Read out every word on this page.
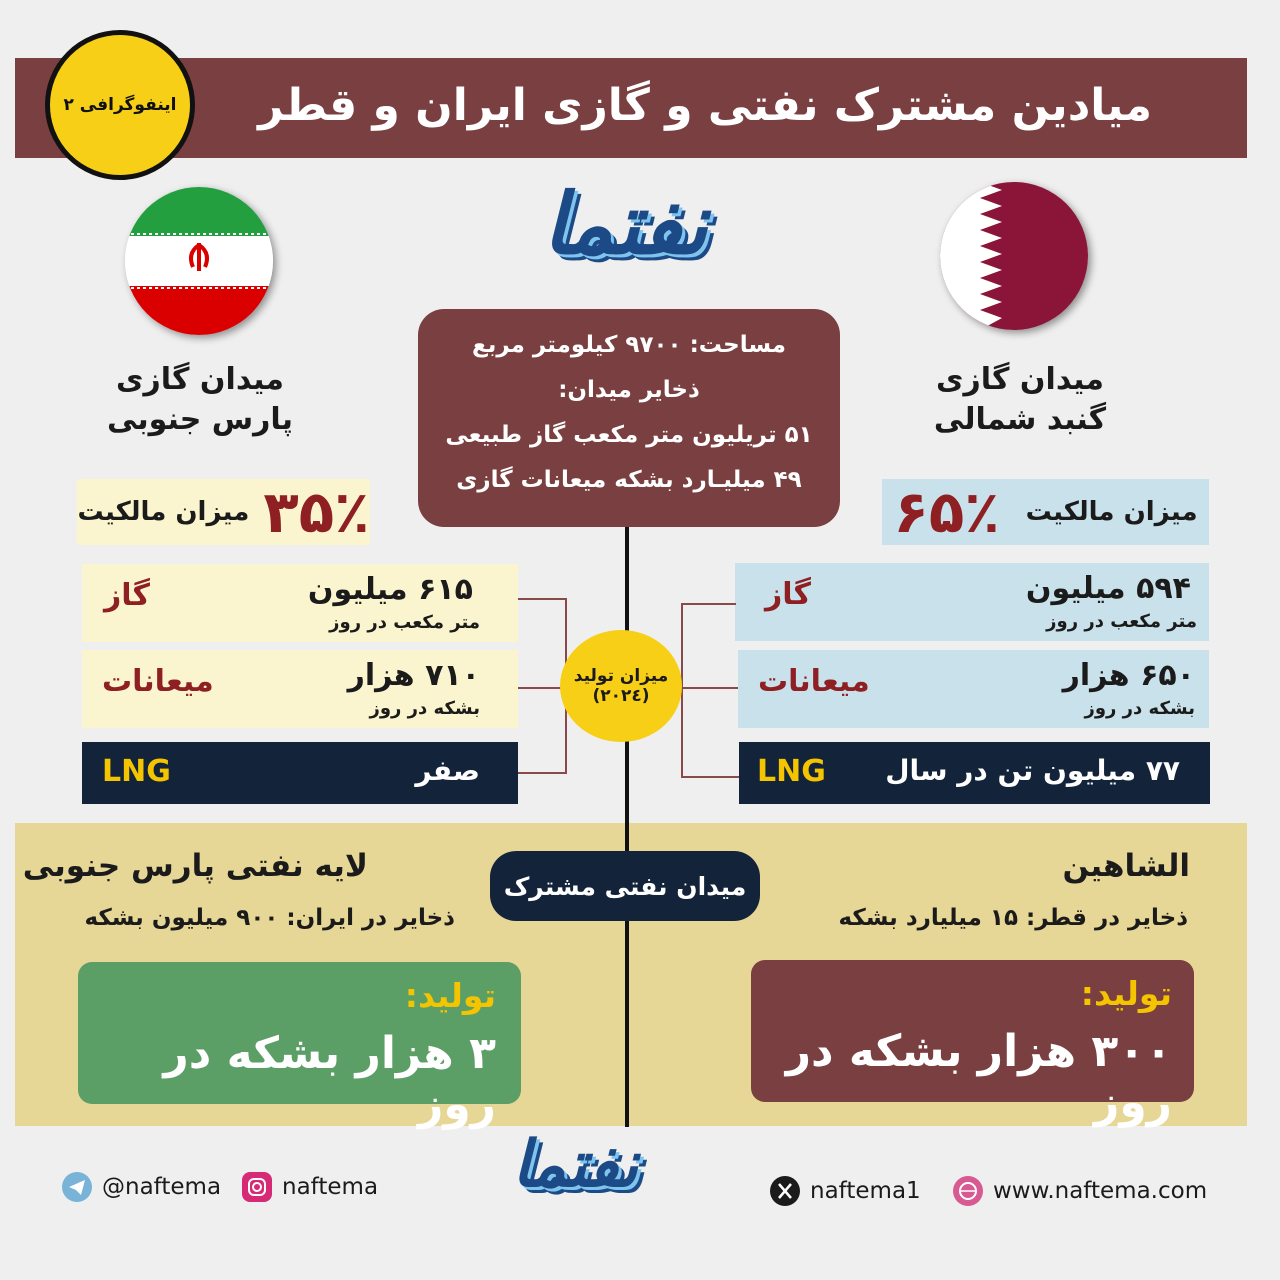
میادین مشترک نفتی و گازی ایران و قطر
اینفوگرافی ۲
نفتما
میدان گازی
پارس جنوبی
میدان گازی
گنبد شمالی
مساحت: ۹۷۰۰ کیلومتر مربع
ذخایر میدان:
۵۱ تریلیون متر مکعب گاز طبیعی
۴۹ میلیـارد بشکه میعانات گازی
۳۵٪
میزان مالکیت	میزان مالکیت
۶۵٪
۶۱۵ میلیون
متر مکعب در روز
گاز
۷۱۰ هزار
بشکه در روز
میعانات
LNG	صفر
۵۹۴ میلیون
متر مکعب در روز
گاز
۶۵۰ هزار
بشکه در روز
میعانات
LNG ۷۷ میلیون تن در سال
میزان تولید
(۲۰۲٤)
میدان نفتی مشترک
لایه نفتی پارس جنوبی
ذخایر در ایران: ۹۰۰ میلیون بشکه
الشاهین
ذخایر در قطر: ۱۵ میلیارد بشکه
تولید:
۳ هزار بشکه در روز
تولید:
۳۰۰ هزار بشکه در روز
نفتما
@naftema	naftema	naftema1	www.naftema.com
